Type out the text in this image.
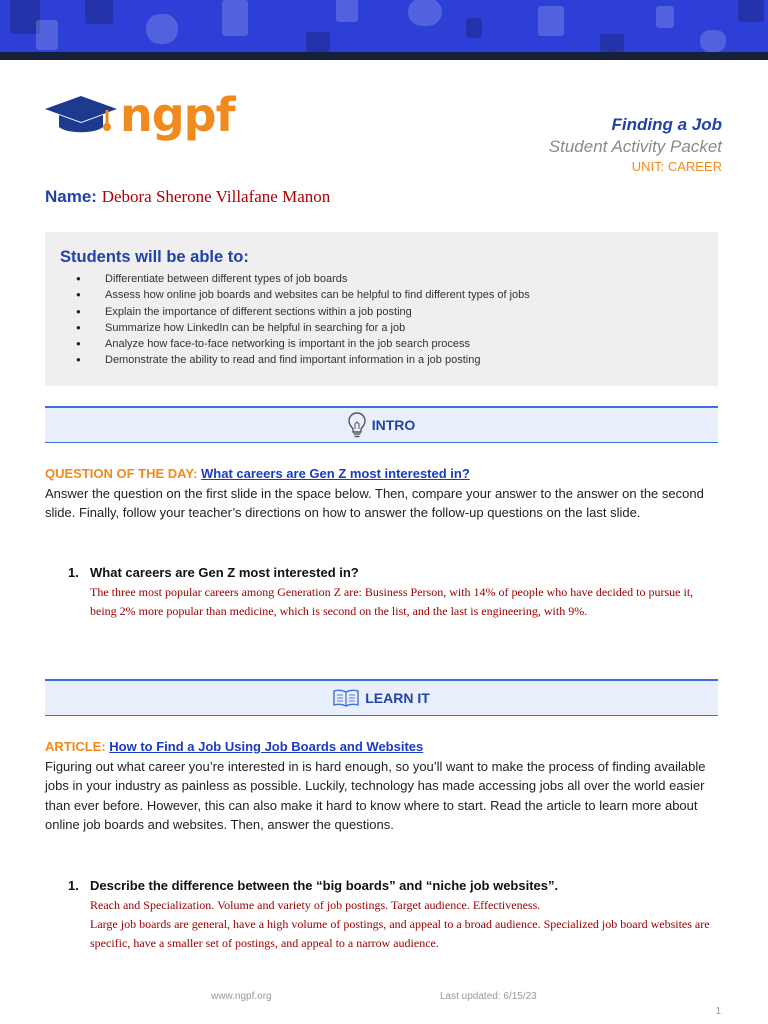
ngpf	Finding a Job
Student Activity Packet
UNIT: CAREER
Name: Debora Sherone Villafane Manon
Students will be able to:
● Differentiate between different types of job boards
● Assess how online job boards and websites can be helpful to find different types of jobs
● Explain the importance of different sections within a job posting
● Summarize how LinkedIn can be helpful in searching for a job
● Analyze how face-to-face networking is important in the job search process
● Demonstrate the ability to read and find important information in a job posting
INTRO
QUESTION OF THE DAY: What careers are Gen Z most interested in?
Answer the question on the first slide in the space below. Then, compare your answer to the answer on the second slide. Finally, follow your teacher’s directions on how to answer the follow-up questions on the last slide.
1. What careers are Gen Z most interested in?
The three most popular careers among Generation Z are: Business Person, with 14% of people who have decided to pursue it, being 2% more popular than medicine, which is second on the list, and the last is engineering, with 9%.
LEARN IT
ARTICLE: How to Find a Job Using Job Boards and Websites
Figuring out what career you’re interested in is hard enough, so you’ll want to make the process of finding available jobs in your industry as painless as possible. Luckily, technology has made accessing jobs all over the world easier than ever before. However, this can also make it hard to know where to start. Read the article to learn more about online job boards and websites. Then, answer the questions.
1. Describe the difference between the “big boards” and “niche job websites”.
Reach and Specialization. Volume and variety of job postings. Target audience. Effectiveness.
Large job boards are general, have a high volume of postings, and appeal to a broad audience. Specialized job board websites are specific, have a smaller set of postings, and appeal to a narrow audience.
www.ngpf.org	Last updated: 6/15/23
1
